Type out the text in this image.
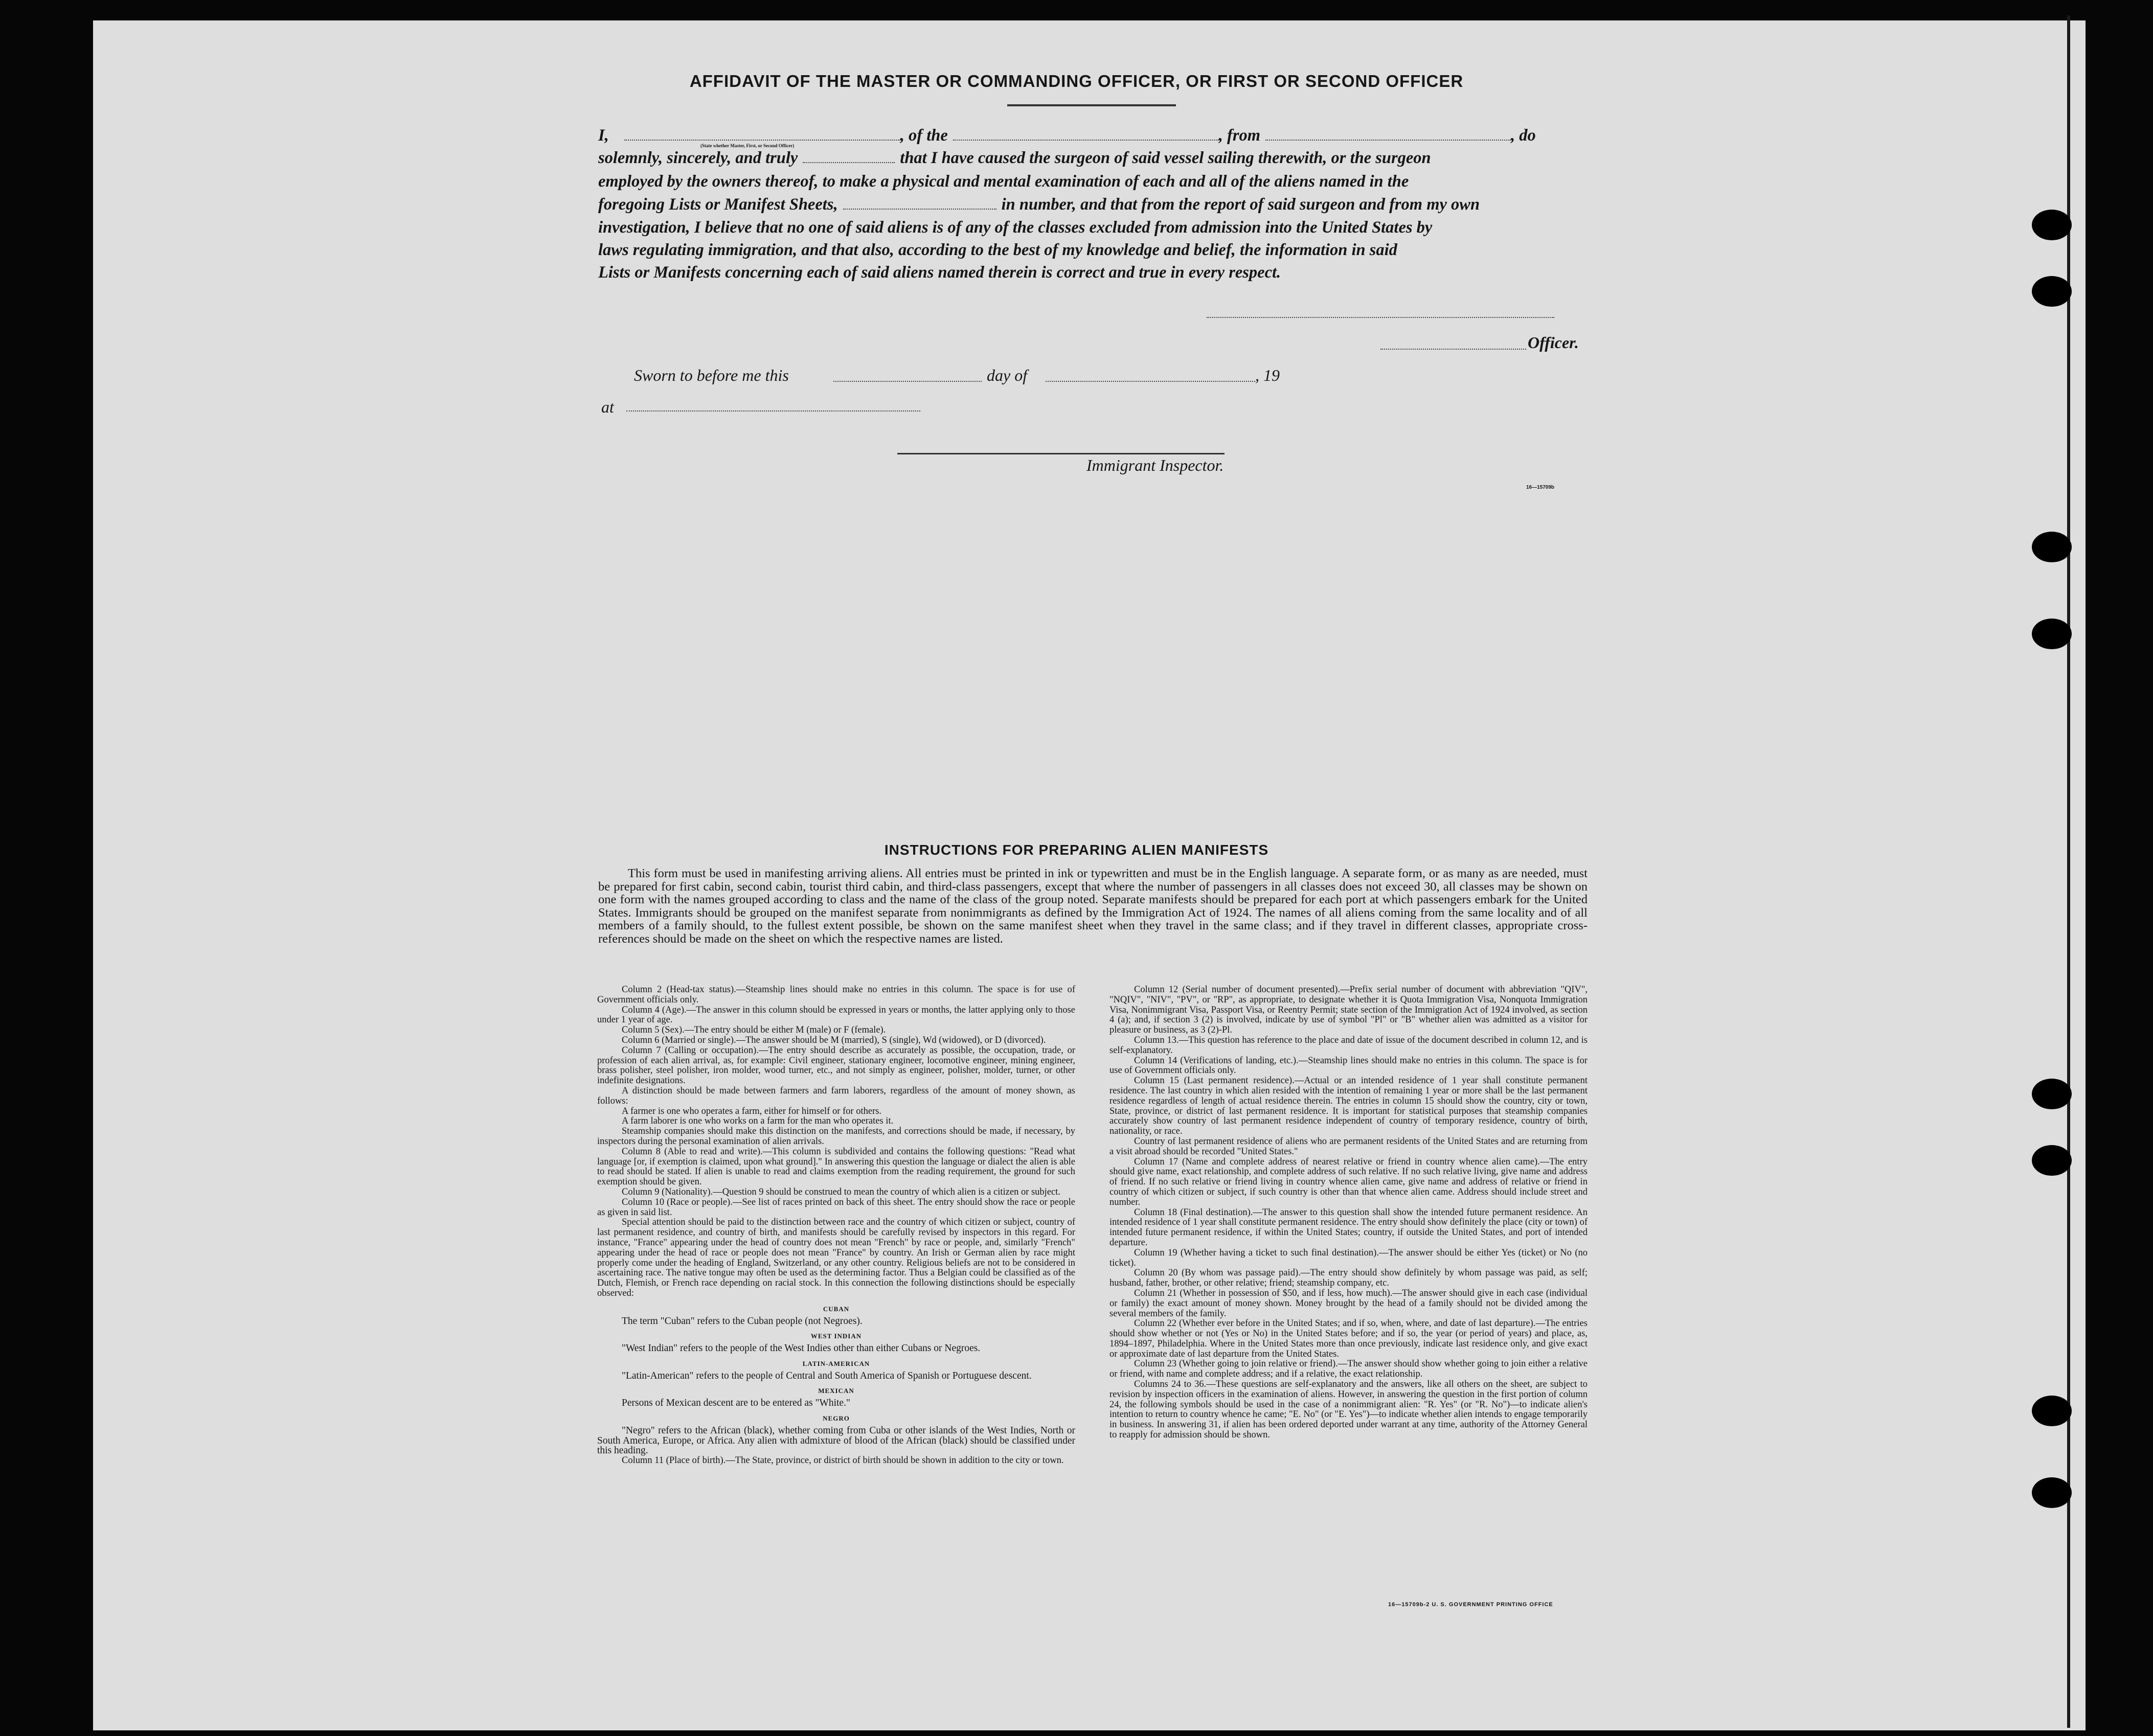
AFFIDAVIT OF THE MASTER OR COMMANDING OFFICER, OR FIRST OR SECOND OFFICER
I,	, of the	, from	, do
(State whether Master, First, or Second Officer)
solemnly, sincerely, and truly	that I have caused the surgeon of said vessel sailing therewith, or the surgeon
employed by the owners thereof, to make a physical and mental examination of each and all of the aliens named in the
foregoing Lists or Manifest Sheets,	in number, and that from the report of said surgeon and from my own
investigation, I believe that no one of said aliens is of any of the classes excluded from admission into the United States by
laws regulating immigration, and that also, according to the best of my knowledge and belief, the information in said
Lists or Manifests concerning each of said aliens named therein is correct and true in every respect.
Officer.
Sworn to before me this	day of	, 19
at
Immigrant Inspector.
16—15709b
INSTRUCTIONS FOR PREPARING ALIEN MANIFESTS
This form must be used in manifesting arriving aliens. All entries must be printed in ink or typewritten and must be in the English language. A separate form, or as many as are needed, must be prepared for first cabin, second cabin, tourist third cabin, and third-class passengers, except that where the number of passengers in all classes does not exceed 30, all classes may be shown on one form with the names grouped according to class and the name of the class of the group noted. Separate manifests should be prepared for each port at which passengers embark for the United States. Immigrants should be grouped on the manifest separate from nonimmigrants as defined by the Immigration Act of 1924. The names of all aliens coming from the same locality and of all members of a family should, to the fullest extent possible, be shown on the same manifest sheet when they travel in the same class; and if they travel in different classes, appropriate cross-references should be made on the sheet on which the respective names are listed.

Column 2 (Head-tax status).—Steamship lines should make no entries in this column. The space is for use of Government officials only.

Column 4 (Age).—The answer in this column should be expressed in years or months, the latter applying only to those under 1 year of age.

Column 5 (Sex).—The entry should be either M (male) or F (female).

Column 6 (Married or single).—The answer should be M (married), S (single), Wd (widowed), or D (divorced).

Column 7 (Calling or occupation).—The entry should describe as accurately as possible, the occupation, trade, or profession of each alien arrival, as, for example: Civil engineer, stationary engineer, locomotive engineer, mining engineer, brass polisher, steel polisher, iron molder, wood turner, etc., and not simply as engineer, polisher, molder, turner, or other indefinite designations.

A distinction should be made between farmers and farm laborers, regardless of the amount of money shown, as follows:

A farmer is one who operates a farm, either for himself or for others.

A farm laborer is one who works on a farm for the man who operates it.

Steamship companies should make this distinction on the manifests, and corrections should be made, if necessary, by inspectors during the personal examination of alien arrivals.

Column 8 (Able to read and write).—This column is subdivided and contains the following questions: "Read what language [or, if exemption is claimed, upon what ground]." In answering this question the language or dialect the alien is able to read should be stated. If alien is unable to read and claims exemption from the reading requirement, the ground for such exemption should be given.

Column 9 (Nationality).—Question 9 should be construed to mean the country of which alien is a citizen or subject.

Column 10 (Race or people).—See list of races printed on back of this sheet. The entry should show the race or people as given in said list.

Special attention should be paid to the distinction between race and the country of which citizen or subject, country of last permanent residence, and country of birth, and manifests should be carefully revised by inspectors in this regard. For instance, "France" appearing under the head of country does not mean "French" by race or people, and, similarly "French" appearing under the head of race or people does not mean "France" by country. An Irish or German alien by race might properly come under the heading of England, Switzerland, or any other country. Religious beliefs are not to be considered in ascertaining race. The native tongue may often be used as the determining factor. Thus a Belgian could be classified as of the Dutch, Flemish, or French race depending on racial stock. In this connection the following distinctions should be especially observed:

CUBAN

The term "Cuban" refers to the Cuban people (not Negroes).

WEST INDIAN

"West Indian" refers to the people of the West Indies other than either Cubans or Negroes.

LATIN-AMERICAN

"Latin-American" refers to the people of Central and South America of Spanish or Portuguese descent.

MEXICAN

Persons of Mexican descent are to be entered as "White."

NEGRO

"Negro" refers to the African (black), whether coming from Cuba or other islands of the West Indies, North or South America, Europe, or Africa. Any alien with admixture of blood of the African (black) should be classified under this heading.

Column 11 (Place of birth).—The State, province, or district of birth should be shown in addition to the city or town.

Column 12 (Serial number of document presented).—Prefix serial number of document with abbreviation "QIV", "NQIV", "NIV", "PV", or "RP", as appropriate, to designate whether it is Quota Immigration Visa, Nonquota Immigration Visa, Nonimmigrant Visa, Passport Visa, or Reentry Permit; state section of the Immigration Act of 1924 involved, as section 4 (a); and, if section 3 (2) is involved, indicate by use of symbol "Pl" or "B" whether alien was admitted as a visitor for pleasure or business, as 3 (2)-Pl.

Column 13.—This question has reference to the place and date of issue of the document described in column 12, and is self-explanatory.

Column 14 (Verifications of landing, etc.).—Steamship lines should make no entries in this column. The space is for use of Government officials only.

Column 15 (Last permanent residence).—Actual or an intended residence of 1 year shall constitute permanent residence. The last country in which alien resided with the intention of remaining 1 year or more shall be the last permanent residence regardless of length of actual residence therein. The entries in column 15 should show the country, city or town, State, province, or district of last permanent residence. It is important for statistical purposes that steamship companies accurately show country of last permanent residence independent of country of temporary residence, country of birth, nationality, or race.

Country of last permanent residence of aliens who are permanent residents of the United States and are returning from a visit abroad should be recorded "United States."

Column 17 (Name and complete address of nearest relative or friend in country whence alien came).—The entry should give name, exact relationship, and complete address of such relative. If no such relative living, give name and address of friend. If no such relative or friend living in country whence alien came, give name and address of relative or friend in country of which citizen or subject, if such country is other than that whence alien came. Address should include street and number.

Column 18 (Final destination).—The answer to this question shall show the intended future permanent residence. An intended residence of 1 year shall constitute permanent residence. The entry should show definitely the place (city or town) of intended future permanent residence, if within the United States; country, if outside the United States, and port of intended departure.

Column 19 (Whether having a ticket to such final destination).—The answer should be either Yes (ticket) or No (no ticket).

Column 20 (By whom was passage paid).—The entry should show definitely by whom passage was paid, as self; husband, father, brother, or other relative; friend; steamship company, etc.

Column 21 (Whether in possession of $50, and if less, how much).—The answer should give in each case (individual or family) the exact amount of money shown. Money brought by the head of a family should not be divided among the several members of the family.

Column 22 (Whether ever before in the United States; and if so, when, where, and date of last departure).—The entries should show whether or not (Yes or No) in the United States before; and if so, the year (or period of years) and place, as, 1894–1897, Philadelphia. Where in the United States more than once previously, indicate last residence only, and give exact or approximate date of last departure from the United States.

Column 23 (Whether going to join relative or friend).—The answer should show whether going to join either a relative or friend, with name and complete address; and if a relative, the exact relationship.

Columns 24 to 36.—These questions are self-explanatory and the answers, like all others on the sheet, are subject to revision by inspection officers in the examination of aliens. However, in answering the question in the first portion of column 24, the following symbols should be used in the case of a nonimmigrant alien: "R. Yes" (or "R. No")—to indicate alien's intention to return to country whence he came; "E. No" (or "E. Yes")—to indicate whether alien intends to engage temporarily in business. In answering 31, if alien has been ordered deported under warrant at any time, authority of the Attorney General to reapply for admission should be shown.

16—15709b-2 U. S. GOVERNMENT PRINTING OFFICE
